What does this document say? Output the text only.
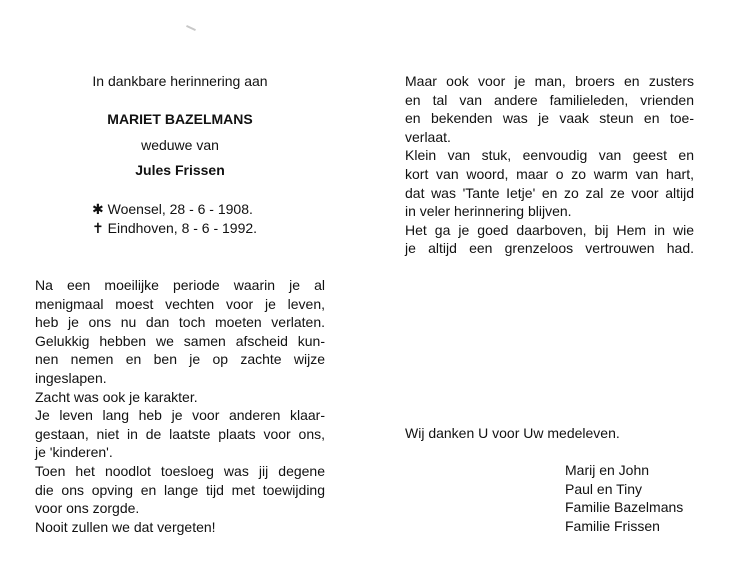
In dankbare herinnering aan
MARIET BAZELMANS
weduwe van
Jules Frissen
✱ Woensel, 28 - 6 - 1908.
✝ Eindhoven, 8 - 6 - 1992.
Na een moeilijke periode waarin je al
menigmaal moest vechten voor je leven,
heb je ons nu dan toch moeten verlaten.
Gelukkig hebben we samen afscheid kun-
nen nemen en ben je op zachte wijze
ingeslapen.
Zacht was ook je karakter.
Je leven lang heb je voor anderen klaar-
gestaan, niet in de laatste plaats voor ons,
je 'kinderen'.
Toen het noodlot toesloeg was jij degene
die ons opving en lange tijd met toewijding
voor ons zorgde.
Nooit zullen we dat vergeten!
Maar ook voor je man, broers en zusters
en tal van andere familieleden, vrienden
en bekenden was je vaak steun en toe-
verlaat.
Klein van stuk, eenvoudig van geest en
kort van woord, maar o zo warm van hart,
dat was 'Tante Ietje' en zo zal ze voor altijd
in veler herinnering blijven.
Het ga je goed daarboven, bij Hem in wie
je altijd een grenzeloos vertrouwen had.
Wij danken U voor Uw medeleven.
Marij en John
Paul en Tiny
Familie Bazelmans
Familie Frissen
